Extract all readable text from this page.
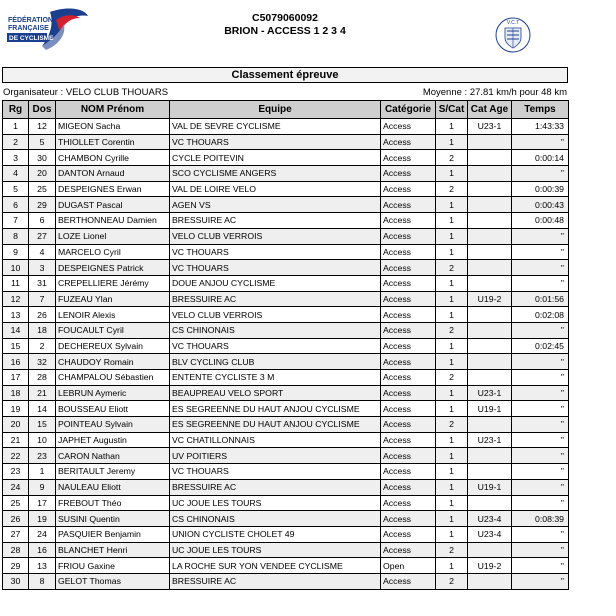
FÉDÉRATION
FRANÇAISE
DE CYCLISME
V.C.T
C5079060092
BRION - ACCESS 1 2 3 4
Classement épreuve
Organisateur : VELO CLUB THOUARS	Moyenne : 27.81 km/h pour 48 km
Rg	Dos	NOM Prénom	Equipe	Catégorie	S/Cat	Cat Age	Temps
1	12	MIGEON Sacha	VAL DE SEVRE CYCLISME	Access	1	U23-1	1:43:33
2	5	THIOLLET Corentin	VC THOUARS	Access	1		"
3	30	CHAMBON Cyrille	CYCLE POITEVIN	Access	2		0:00:14
4	20	DANTON Arnaud	SCO CYCLISME ANGERS	Access	1		"
5	25	DESPEIGNES Erwan	VAL DE LOIRE VELO	Access	2		0:00:39
6	29	DUGAST Pascal	AGEN VS	Access	1		0:00:43
7	6	BERTHONNEAU Damien	BRESSUIRE AC	Access	1		0:00:48
8	27	LOZE Lionel	VELO CLUB VERROIS	Access	1		"
9	4	MARCELO Cyril	VC THOUARS	Access	1		"
10	3	DESPEIGNES Patrick	VC THOUARS	Access	2		"
11	31	CREPELLIERE Jérémy	DOUE ANJOU CYCLISME	Access	1		"
12	7	FUZEAU Ylan	BRESSUIRE AC	Access	1	U19-2	0:01:56
13	26	LENOIR Alexis	VELO CLUB VERROIS	Access	1		0:02:08
14	18	FOUCAULT Cyril	CS CHINONAIS	Access	2		"
15	2	DECHEREUX Sylvain	VC THOUARS	Access	1		0:02:45
16	32	CHAUDOY Romain	BLV CYCLING CLUB	Access	1		"
17	28	CHAMPALOU Sébastien	ENTENTE CYCLISTE 3 M	Access	2		"
18	21	LEBRUN Aymeric	BEAUPREAU VELO SPORT	Access	1	U23-1	"
19	14	BOUSSEAU Eliott	ES SEGREENNE DU HAUT ANJOU CYCLISME	Access	1	U19-1	"
20	15	POINTEAU Sylvain	ES SEGREENNE DU HAUT ANJOU CYCLISME	Access	2		"
21	10	JAPHET Augustin	VC CHATILLONNAIS	Access	1	U23-1	"
22	23	CARON Nathan	UV POITIERS	Access	1		"
23	1	BERITAULT Jeremy	VC THOUARS	Access	1		"
24	9	NAULEAU Eliott	BRESSUIRE AC	Access	1	U19-1	"
25	17	FREBOUT Théo	UC JOUE LES TOURS	Access	1		"
26	19	SUSINI Quentin	CS CHINONAIS	Access	1	U23-4	0:08:39
27	24	PASQUIER Benjamin	UNION CYCLISTE CHOLET 49	Access	1	U23-4	"
28	16	BLANCHET Henri	UC JOUE LES TOURS	Access	2		"
29	13	FRIOU Gaxine	LA ROCHE SUR YON VENDEE CYCLISME	Open	1	U19-2	"
30	8	GELOT Thomas	BRESSUIRE AC	Access	2		"
